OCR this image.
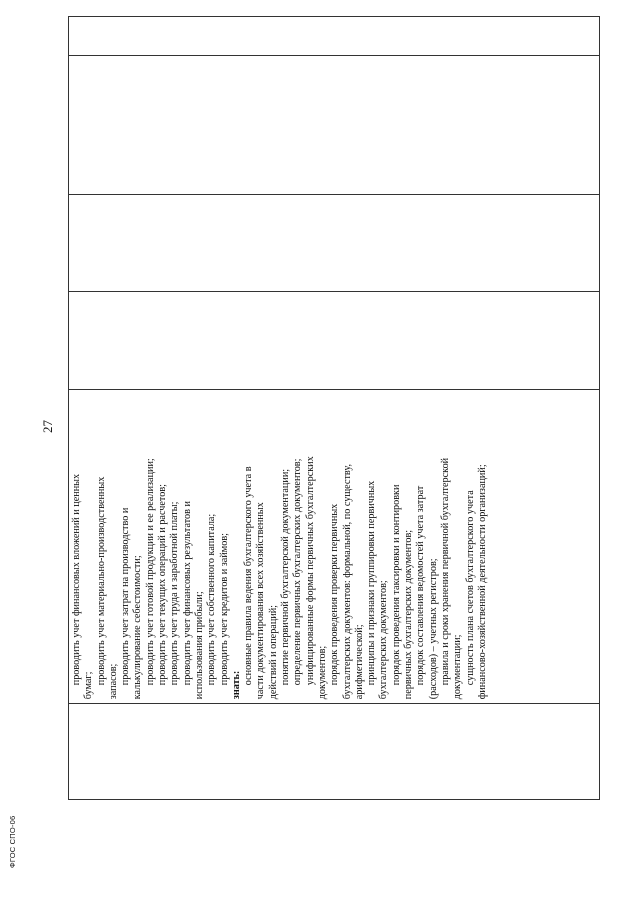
27
проводить учет финансовых вложений и ценных
бумаг;
проводить учет материально-производственных запасов; проводить учет затрат на производство и калькулирование себестоимости; проводить учет готовой продукции и ее реализации; проводить учет текущих операций и расчетов; проводить учет труда и заработной платы; проводить учет финансовых результатов и использования прибыли; проводить учет собственного капитала; проводить учет кредитов и займов; знать: основные правила ведения бухгалтерского учета в части документирования всех хозяйственных действий и операций; понятие первичной бухгалтерской документации; определение первичных бухгалтерских документов; унифицированные формы первичных бухгалтерских документов; порядок проведения проверки первичных бухгалтерских документов: формальной, по существу, арифметической; принципы и признаки группировки первичных бухгалтерских документов; порядок проведения таксировки и контировки первичных бухгалтерских документов; порядок составления ведомостей учета затрат (расходов) – учетных регистров; правила и сроки хранения первичной бухгалтерской документации; сущность плана счетов бухгалтерского учета финансово-хозяйственной деятельности организаций;
ФГОС СПО-06
